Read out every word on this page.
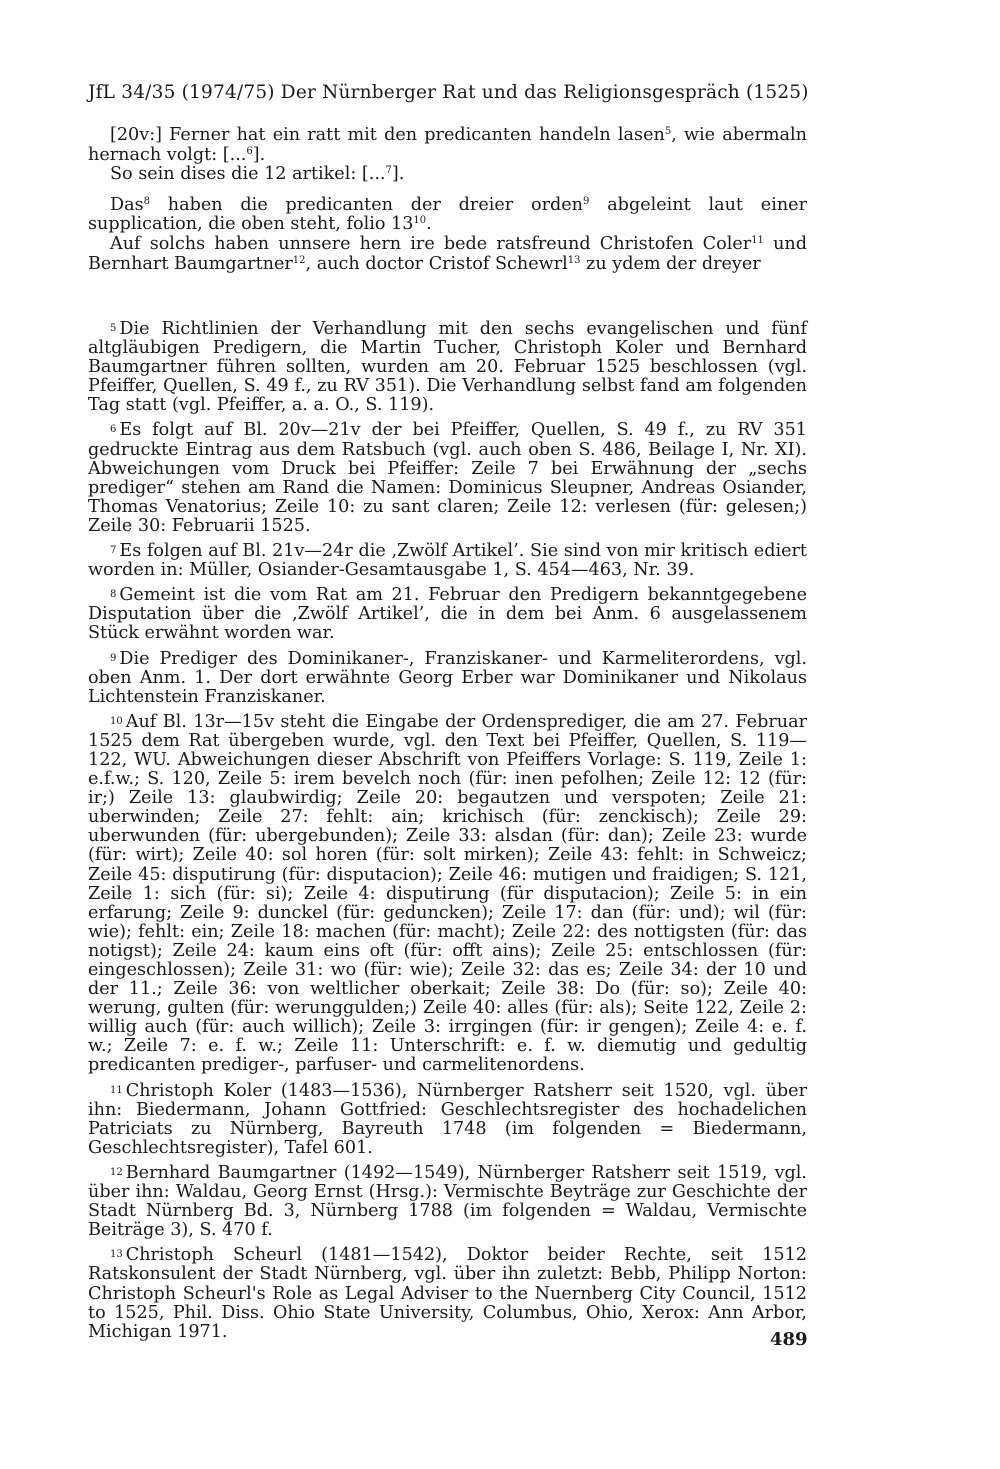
JfL 34/35 (1974/75) Der Nürnberger Rat und das Religionsgespräch (1525)

[20v:] Ferner hat ein ratt mit den predicanten handeln lasen$^5$, wie abermaln hernach volgt: [...$^6$].

So sein dises die 12 artikel: [...$^7$].

Das$^8$ haben die predicanten der dreier orden$^9$ abgeleint laut einer supplication, die oben steht, folio $13^{10}$.

Auf solchs haben unnsere hern ire bede ratsfreund Christofen Coler$^{11}$ und Bernhart Baumgartner$^{12}$, auch doctor Cristof Schewrl$^{13}$ zu ydem der dreyer

5 Die Richtlinien der Verhandlung mit den sechs evangelischen und fünf altgläubigen Predigern, die Martin Tucher, Christoph Koler und Bernhard Baumgartner führen sollten, wurden am 20. Februar 1525 beschlossen (vgl. Pfeiffer, Quellen, S. 49 f., zu RV 351). Die Verhandlung selbst fand am folgenden Tag statt (vgl. Pfeiffer, a. a. O., S. 119).

6 Es folgt auf Bl. 20v—21v der bei Pfeiffer, Quellen, S. 49 f., zu RV 351 gedruckte Eintrag aus dem Ratsbuch (vgl. auch oben S. 486, Beilage I, Nr. XI). Abweichungen vom Druck bei Pfeiffer: Zeile 7 bei Erwähnung der „sechs prediger“ stehen am Rand die Namen: Dominicus Sleupner, Andreas Osiander, Thomas Venatorius; Zeile 10: zu sant claren; Zeile 12: verlesen (für: gelesen;) Zeile 30: Februarii 1525.

7 Es folgen auf Bl. 21v—24r die ‚Zwölf Artikel’. Sie sind von mir kritisch ediert worden in: Müller, Osiander-Gesamtausgabe 1, S. 454—463, Nr. 39.

8 Gemeint ist die vom Rat am 21. Februar den Predigern bekanntgegebene Disputation über die ‚Zwölf Artikel’, die in dem bei Anm. 6 ausgelassenem Stück erwähnt worden war.

9 Die Prediger des Dominikaner-, Franziskaner- und Karmeliterordens, vgl. oben Anm. 1. Der dort erwähnte Georg Erber war Dominikaner und Nikolaus Lichtenstein Franziskaner.

10 Auf Bl. 13r—15v steht die Eingabe der Ordensprediger, die am 27. Februar 1525 dem Rat übergeben wurde, vgl. den Text bei Pfeiffer, Quellen, S. 119—122, WU. Abweichungen dieser Abschrift von Pfeiffers Vorlage: S. 119, Zeile 1: e.f.w.; S. 120, Zeile 5: irem bevelch noch (für: inen pefolhen; Zeile 12: 12 (für: ir;) Zeile 13: glaubwirdig; Zeile 20: begautzen und verspoten; Zeile 21: uberwinden; Zeile 27: fehlt: ain; krichisch (für: zenckisch); Zeile 29: uberwunden (für: ubergebunden); Zeile 33: alsdan (für: dan); Zeile 23: wurde (für: wirt); Zeile 40: sol horen (für: solt mirken); Zeile 43: fehlt: in Schweicz; Zeile 45: disputirung (für: disputacion); Zeile 46: mutigen und fraidigen; S. 121, Zeile 1: sich (für: si); Zeile 4: disputirung (für disputacion); Zeile 5: in ein erfarung; Zeile 9: dunckel (für: geduncken); Zeile 17: dan (für: und); wil (für: wie); fehlt: ein; Zeile 18: machen (für: macht); Zeile 22: des nottigsten (für: das notigst); Zeile 24: kaum eins oft (für: offt ains); Zeile 25: entschlossen (für: eingeschlossen); Zeile 31: wo (für: wie); Zeile 32: das es; Zeile 34: der 10 und der 11.; Zeile 36: von weltlicher oberkait; Zeile 38: Do (für: so); Zeile 40: werung, gulten (für: werunggulden;) Zeile 40: alles (für: als); Seite 122, Zeile 2: willig auch (für: auch willich); Zeile 3: irrgingen (für: ir gengen); Zeile 4: e. f. w.; Zeile 7: e. f. w.; Zeile 11: Unterschrift: e. f. w. diemutig und gedultig predicanten prediger-, parfuser- und carmelitenordens.

11 Christoph Koler (1483—1536), Nürnberger Ratsherr seit 1520, vgl. über ihn: Biedermann, Johann Gottfried: Geschlechtsregister des hochadelichen Patriciats zu Nürnberg, Bayreuth 1748 (im folgenden = Biedermann, Geschlechtsregister), Tafel 601.

12 Bernhard Baumgartner (1492—1549), Nürnberger Ratsherr seit 1519, vgl. über ihn: Waldau, Georg Ernst (Hrsg.): Vermischte Beyträge zur Geschichte der Stadt Nürnberg Bd. 3, Nürnberg 1788 (im folgenden = Waldau, Vermischte Beiträge 3), S. 470 f.

13 Christoph Scheurl (1481—1542), Doktor beider Rechte, seit 1512 Ratskonsulent der Stadt Nürnberg, vgl. über ihn zuletzt: Bebb, Philipp Norton: Christoph Scheurl's Role as Legal Adviser to the Nuernberg City Council, 1512 to 1525, Phil. Diss. Ohio State University, Columbus, Ohio, Xerox: Ann Arbor, Michigan 1971.	489
